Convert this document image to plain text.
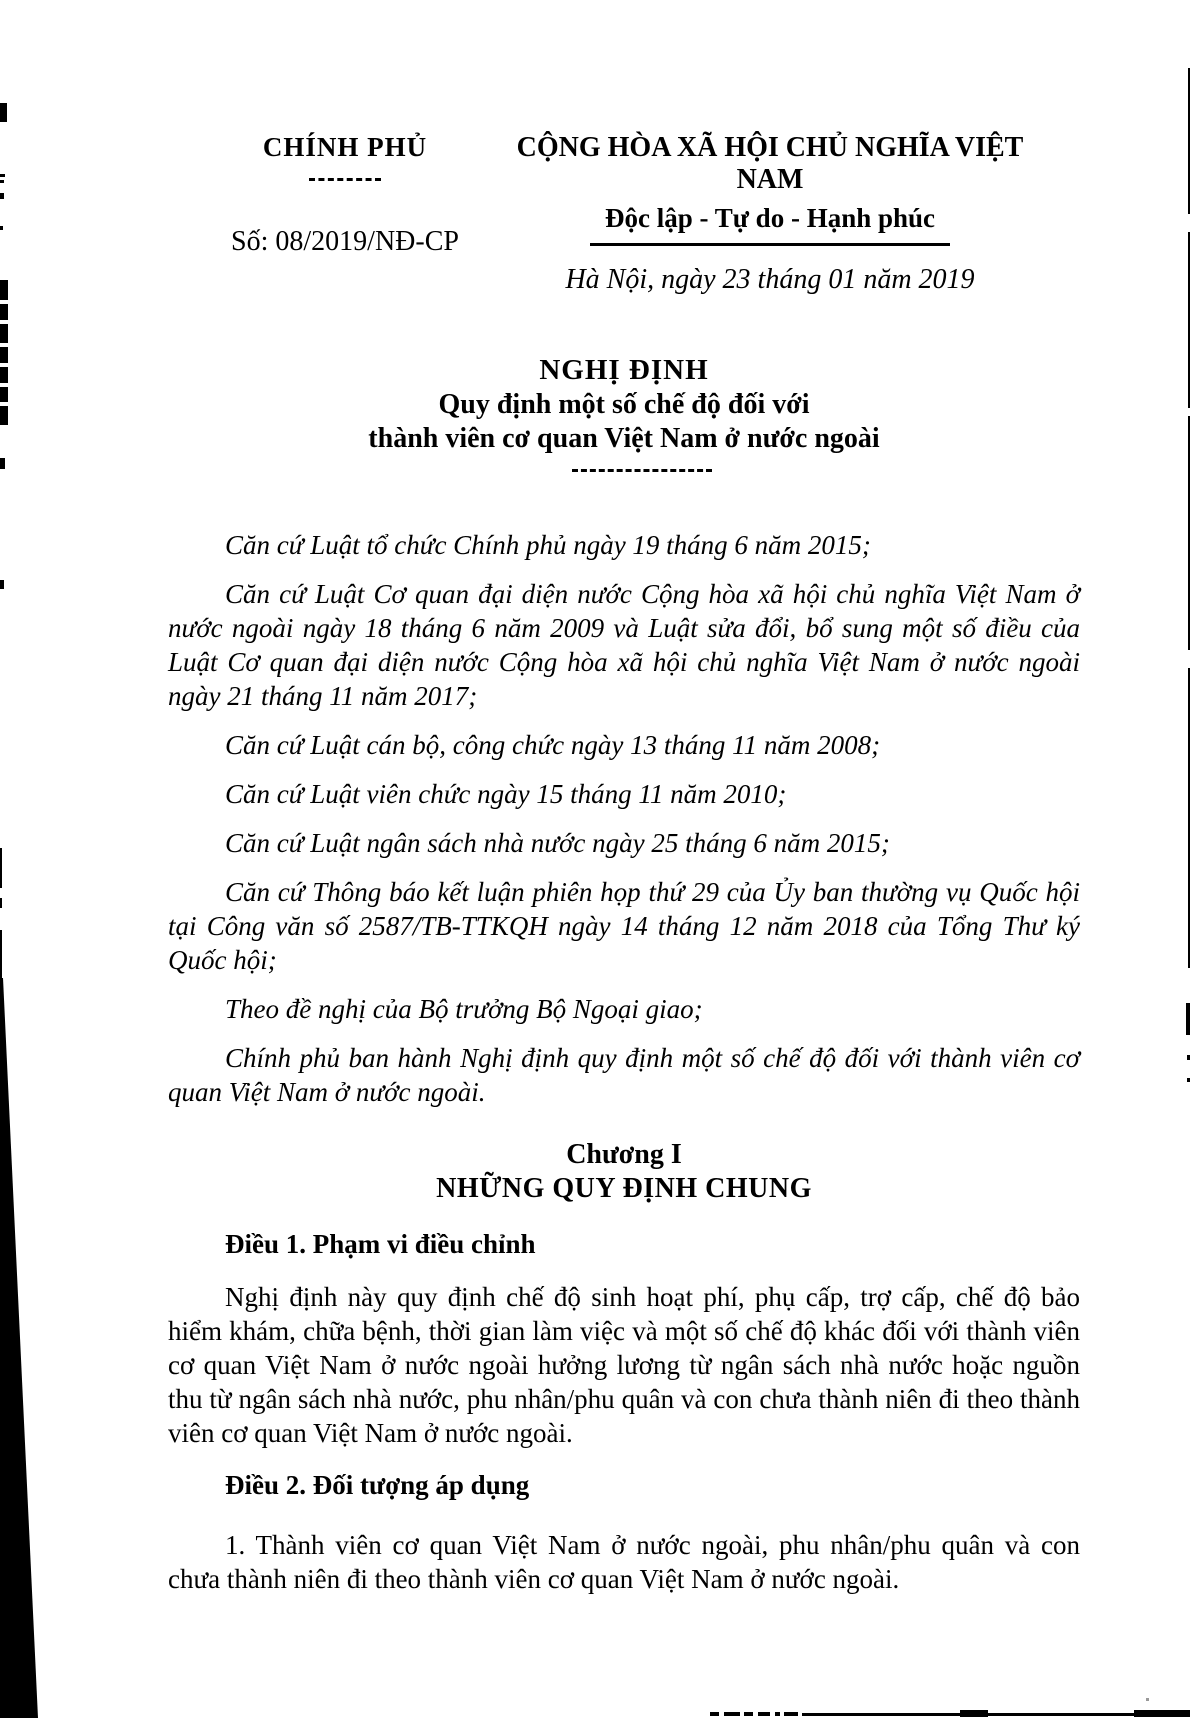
CHÍNH PHỦ
Số: 08/2019/NĐ-CP
CỘNG HÒA XÃ HỘI CHỦ NGHĨA VIỆT NAM
Độc lập - Tự do - Hạnh phúc
Hà Nội, ngày 23 tháng 01 năm 2019
NGHỊ ĐỊNH
Quy định một số chế độ đối với
thành viên cơ quan Việt Nam ở nước ngoài

Căn cứ Luật tổ chức Chính phủ ngày 19 tháng 6 năm 2015;

Căn cứ Luật Cơ quan đại diện nước Cộng hòa xã hội chủ nghĩa Việt Nam ở nước ngoài ngày 18 tháng 6 năm 2009 và Luật sửa đổi, bổ sung một số điều của Luật Cơ quan đại diện nước Cộng hòa xã hội chủ nghĩa Việt Nam ở nước ngoài ngày 21 tháng 11 năm 2017;

Căn cứ Luật cán bộ, công chức ngày 13 tháng 11 năm 2008;

Căn cứ Luật viên chức ngày 15 tháng 11 năm 2010;

Căn cứ Luật ngân sách nhà nước ngày 25 tháng 6 năm 2015;

Căn cứ Thông báo kết luận phiên họp thứ 29 của Ủy ban thường vụ Quốc hội tại Công văn số 2587/TB-TTKQH ngày 14 tháng 12 năm 2018 của Tổng Thư ký Quốc hội;

Theo đề nghị của Bộ trưởng Bộ Ngoại giao;

Chính phủ ban hành Nghị định quy định một số chế độ đối với thành viên cơ quan Việt Nam ở nước ngoài.

Chương I
NHỮNG QUY ĐỊNH CHUNG

Điều 1. Phạm vi điều chỉnh

Nghị định này quy định chế độ sinh hoạt phí, phụ cấp, trợ cấp, chế độ bảo hiểm khám, chữa bệnh, thời gian làm việc và một số chế độ khác đối với thành viên cơ quan Việt Nam ở nước ngoài hưởng lương từ ngân sách nhà nước hoặc nguồn thu từ ngân sách nhà nước, phu nhân/phu quân và con chưa thành niên đi theo thành viên cơ quan Việt Nam ở nước ngoài.

Điều 2. Đối tượng áp dụng

1. Thành viên cơ quan Việt Nam ở nước ngoài, phu nhân/phu quân và con chưa thành niên đi theo thành viên cơ quan Việt Nam ở nước ngoài.
